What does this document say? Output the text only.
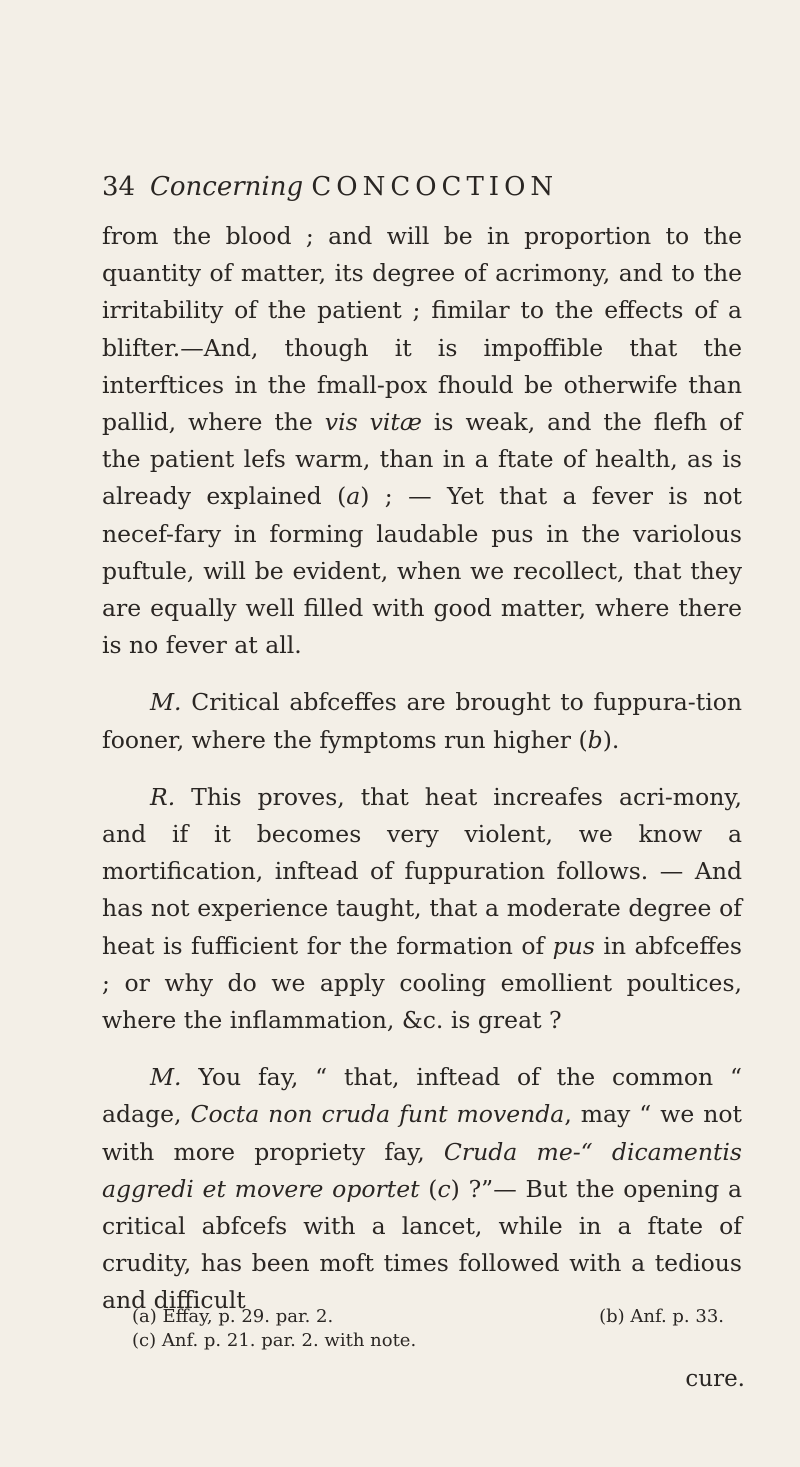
34 Concerning CONCOCTION

from the blood ; and will be in proportion to the quantity of matter, its degree of acrimony, and to the irritability of the patient ; fimilar to the effects of a blifter.—And, though it is impoffible that the interftices in the fmall-pox fhould be otherwife than pallid, where the vis vitæ is weak, and the flefh of the patient lefs warm, than in a ftate of health, as is already explained (a) ; — Yet that a fever is not necef-fary in forming laudable pus in the variolous puftule, will be evident, when we recollect, that they are equally well filled with good matter, where there is no fever at all.

M. Critical abfceffes are brought to fuppura-tion fooner, where the fymptoms run higher (b).

R. This proves, that heat increafes acri-mony, and if it becomes very violent, we know a mortification, inftead of fuppuration follows. — And has not experience taught, that a moderate degree of heat is fufficient for the formation of pus in abfceffes ; or why do we apply cooling emollient poultices, where the inflammation, &c. is great ?

M. You fay, “ that, inftead of the common “ adage, Cocta non cruda funt movenda, may “ we not with more propriety fay, Cruda me-“ dicamentis aggredi et movere oportet (c) ?”— But the opening a critical abfcefs with a lancet, while in a ftate of crudity, has been moft times followed with a tedious and difficult

(a) Effay, p. 29. par. 2.	(b) Anf. p. 33.
(c) Anf. p. 21. par. 2. with note.
cure.
